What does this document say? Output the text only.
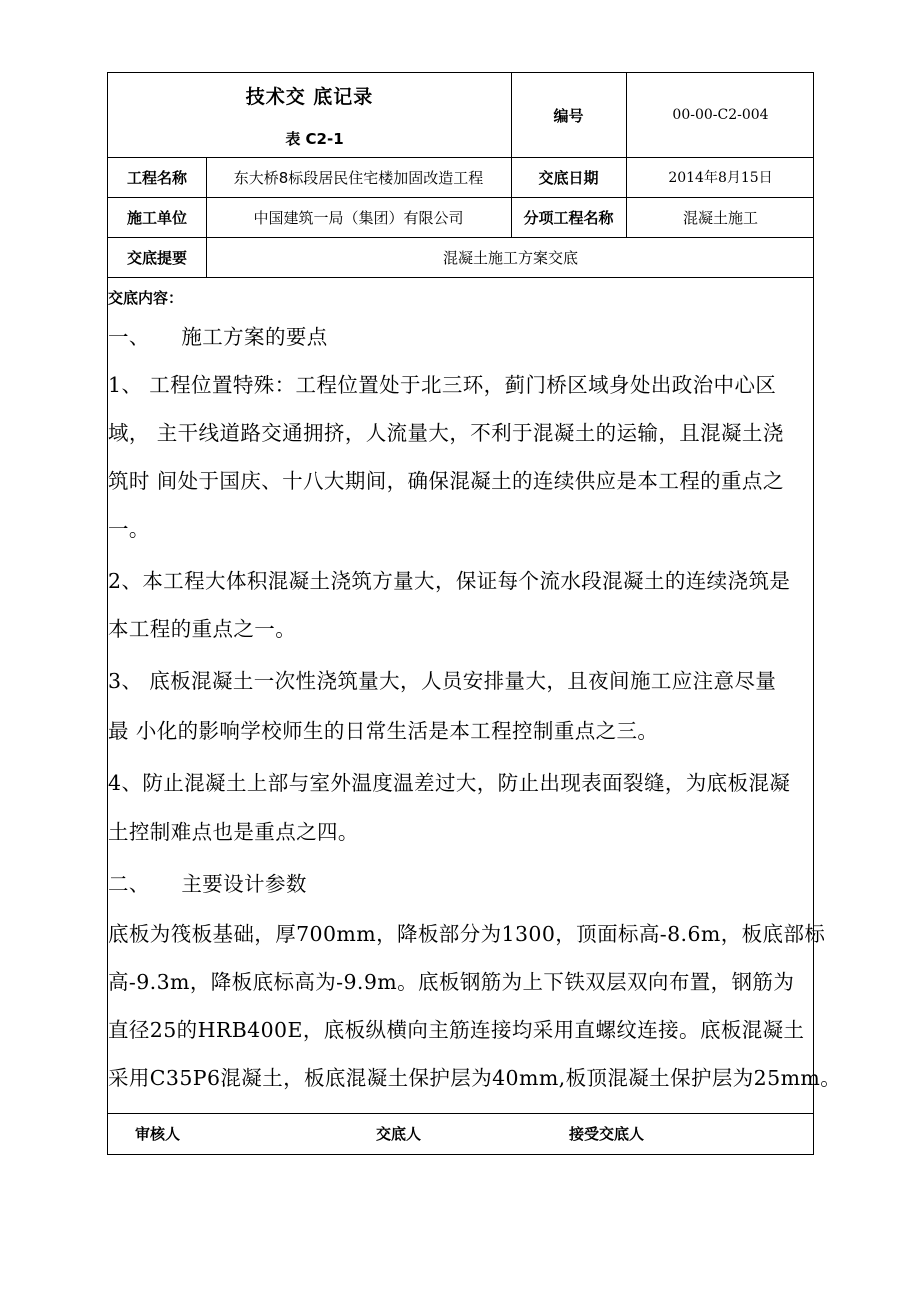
技术交 底记录
表 C2-1
编号	00-00-C2-004
工程名称	东大桥8标段居民住宅楼加固改造工程	交底日期	2014年8月15日
施工单位	中国建筑一局（集团）有限公司	分项工程名称	混凝土施工
交底提要	混凝土施工方案交底
交底内容：
一、　　施工方案的要点
1、 工程位置特殊：工程位置处于北三环，蓟门桥区域身处出政治中心区
域， 主干线道路交通拥挤，人流量大，不利于混凝土的运输，且混凝土浇
筑时 间处于国庆、十八大期间，确保混凝土的连续供应是本工程的重点之
一。
2、本工程大体积混凝土浇筑方量大，保证每个流水段混凝土的连续浇筑是
本工程的重点之一。
3、 底板混凝土一次性浇筑量大，人员安排量大，且夜间施工应注意尽量
最 小化的影响学校师生的日常生活是本工程控制重点之三。
4、防止混凝土上部与室外温度温差过大，防止出现表面裂缝，为底板混凝
土控制难点也是重点之四。
二、　　主要设计参数
底板为筏板基础，厚700mm，降板部分为1300，顶面标高-8.6m，板底部标
高-9.3m，降板底标高为-9.9m。底板钢筋为上下铁双层双向布置，钢筋为
直径25的HRB400E，底板纵横向主筋连接均采用直螺纹连接。底板混凝土
采用C35P6混凝土，板底混凝土保护层为40mm,板顶混凝土保护层为25mm。
审核人	交底人	接受交底人
